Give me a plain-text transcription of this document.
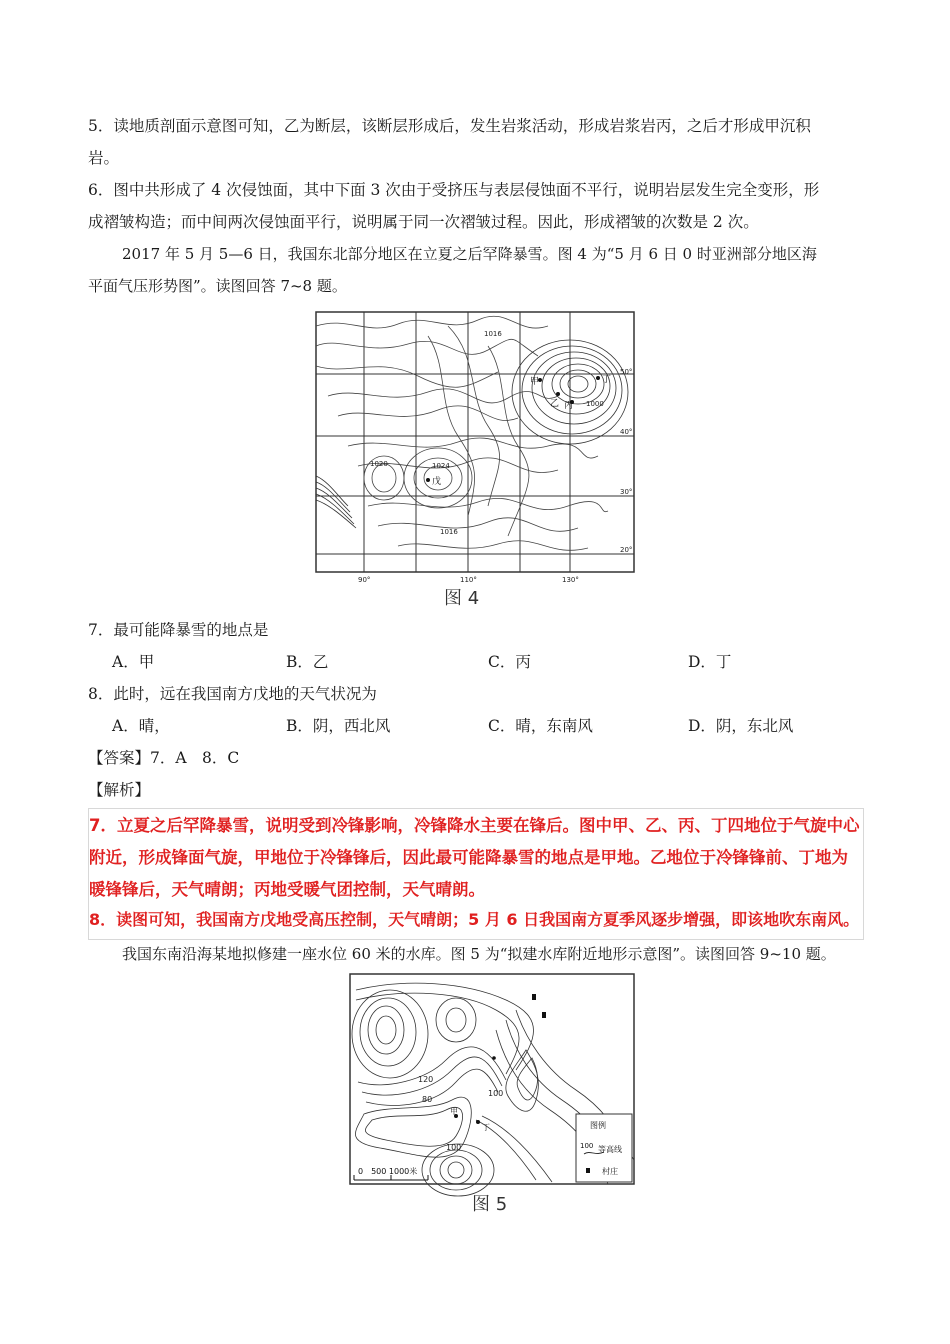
5．读地质剖面示意图可知，乙为断层，该断层形成后，发生岩浆活动，形成岩浆岩丙，之后才形成甲沉积
岩。
6．图中共形成了 4 次侵蚀面，其中下面 3 次由于受挤压与表层侵蚀面不平行，说明岩层发生完全变形，形
成褶皱构造；而中间两次侵蚀面平行，说明属于同一次褶皱过程。因此，形成褶皱的次数是 2 次。
2017 年 5 月 5—6 日，我国东北部分地区在立夏之后罕降暴雪。图 4 为“5 月 6 日 0 时亚洲部分地区海
平面气压形势图”。读图回答 7~8 题。
1016
1020	1024
1016
1000
50°
40°
30°
20°
90°	110°	130°
甲
乙 丙
丁
戊
图 4
7．最可能降暴雪的地点是
A．甲	B．乙	C．丙	D．丁
8．此时，远在我国南方戊地的天气状况为
A．晴，	B．阴，西北风	C．晴，东南风	D．阴，东北风
【答案】7．A　8．C
【解析】
7．立夏之后罕降暴雪，说明受到冷锋影响，冷锋降水主要在锋后。图中甲、乙、丙、丁四地位于气旋中心
附近，形成锋面气旋，甲地位于冷锋锋后，因此最可能降暴雪的地点是甲地。乙地位于冷锋锋前、丁地为
暖锋锋后，天气晴朗；丙地受暖气团控制，天气晴朗。
8．读图可知，我国南方戊地受高压控制，天气晴朗；5 月 6 日我国南方夏季风逐步增强，即该地吹东南风。
我国东南沿海某地拟修建一座水位 60 米的水库。图 5 为“拟建水库附近地形示意图”。读图回答 9~10 题。
120
80
100
100
甲
丁
0　500 1000米
图例
100 等高线
村庄
图 5
